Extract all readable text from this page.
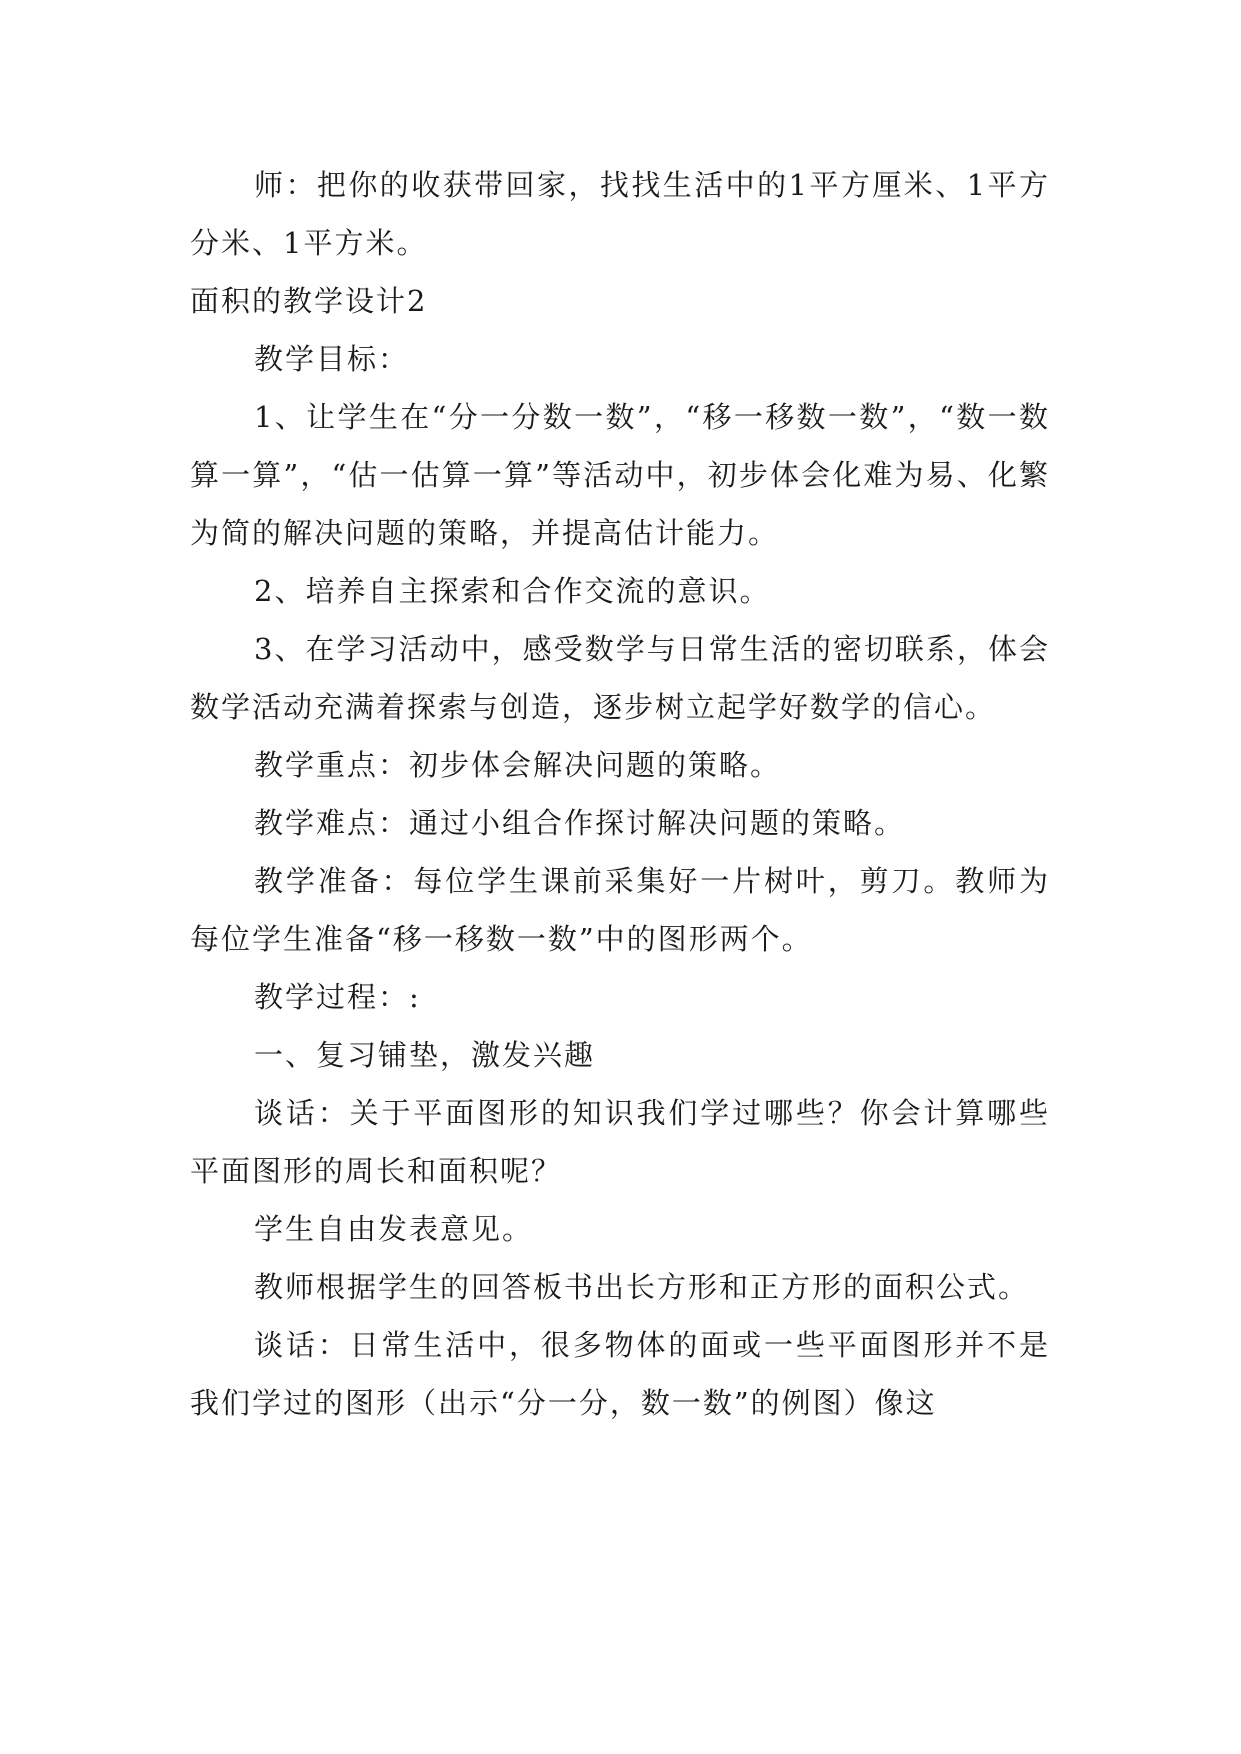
师：把你的收获带回家，找找生活中的1平方厘米、1平方分米、1平方米。

面积的教学设计2

教学目标：

1、让学生在“分一分数一数”，“移一移数一数”，“数一数算一算”，“估一估算一算”等活动中，初步体会化难为易、化繁为简的解决问题的策略，并提高估计能力。

2、培养自主探索和合作交流的意识。

3、在学习活动中，感受数学与日常生活的密切联系，体会数学活动充满着探索与创造，逐步树立起学好数学的信心。

教学重点：初步体会解决问题的策略。

教学难点：通过小组合作探讨解决问题的策略。

教学准备：每位学生课前采集好一片树叶，剪刀。教师为每位学生准备“移一移数一数”中的图形两个。

教学过程：:

一、复习铺垫，激发兴趣

谈话：关于平面图形的知识我们学过哪些？你会计算哪些平面图形的周长和面积呢？

学生自由发表意见。

教师根据学生的回答板书出长方形和正方形的面积公式。

谈话：日常生活中，很多物体的面或一些平面图形并不是我们学过的图形（出示“分一分，数一数”的例图）像这
